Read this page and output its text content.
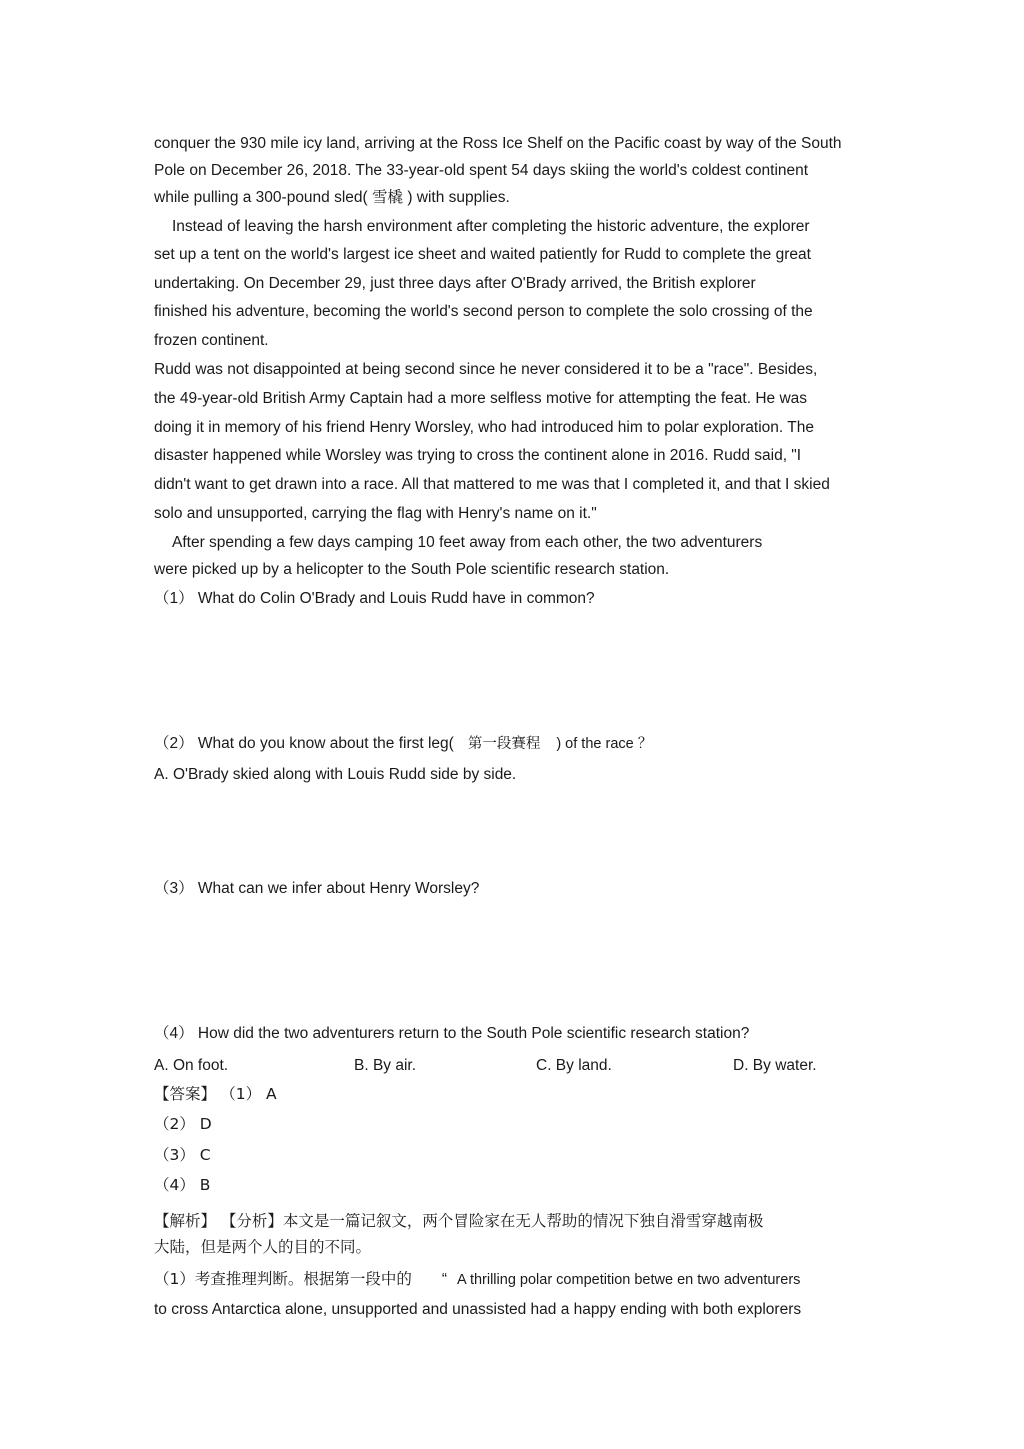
conquer the 930 mile icy land, arriving at the Ross Ice Shelf on the Pacific coast by way of the South
Pole on December 26, 2018. The 33-year-old spent 54 days skiing the world's coldest continent
while pulling a 300-pound sled( 雪橇 ) with supplies.
Instead of leaving the harsh environment after completing the historic adventure, the explorer
set up a tent on the world's largest ice sheet and waited patiently for Rudd to complete the great
undertaking. On December 29, just three days after O'Brady arrived, the British explorer
finished his adventure, becoming the world's second person to complete the solo crossing of the
frozen continent.
Rudd was not disappointed at being second since he never considered it to be a "race". Besides,
the 49-year-old British Army Captain had a more selfless motive for attempting the feat. He was
doing it in memory of his friend Henry Worsley, who had introduced him to polar exploration. The
disaster happened while Worsley was trying to cross the continent alone in 2016. Rudd said, "I
didn't want to get drawn into a race. All that mattered to me was that I completed it, and that I skied
solo and unsupported, carrying the flag with Henry's name on it."
After spending a few days camping 10 feet away from each other, the two adventurers
were picked up by a helicopter to the South Pole scientific research station.
（1） What do Colin O'Brady and Louis Rudd have in common?
（2） What do you know about the first leg( 第一段賽程 ) of the race ？
A. O'Brady skied along with Louis Rudd side by side.
（3） What can we infer about Henry Worsley?
（4） How did the two adventurers return to the South Pole scientific research station?
A. On foot.	B. By air.	C. By land.	D. By water.
【答案】 （1） A
（2） D
（3） C
（4） B
【解析】 【分析】本文是一篇记叙文，两个冒险家在无人帮助的情况下独自滑雪穿越南极
大陆，但是两个人的目的不同。
（1）考查推理判断。根据第一段中的 “ A thrilling polar competition betwe en two adventurers
to cross Antarctica alone, unsupported and unassisted had a happy ending with both explorers
